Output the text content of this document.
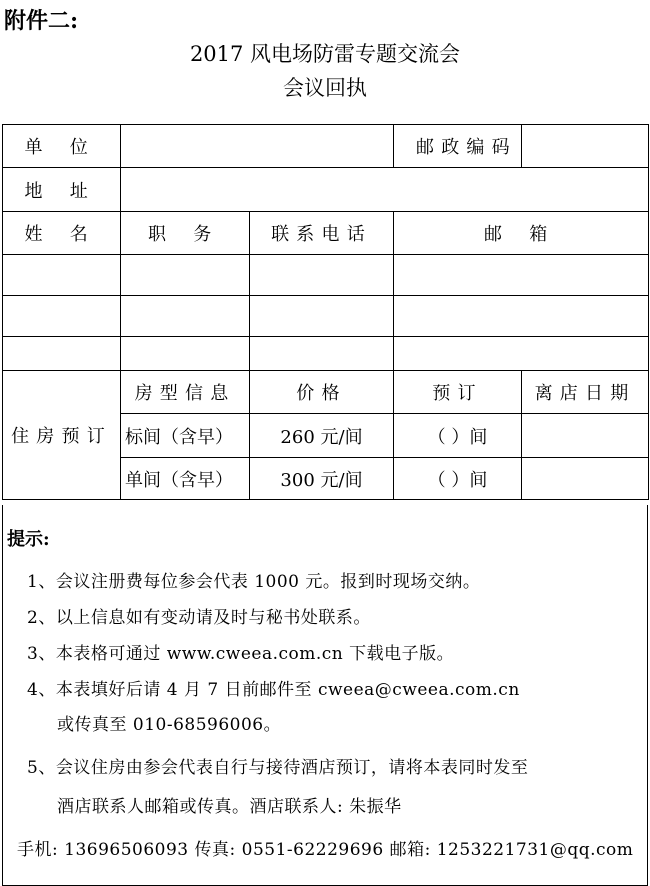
附件二:
2017 风电场防雷专题交流会
会议回执
单 位			邮政编码	
地 址				
姓 名	职 务	联系电话	邮 箱	

住房预订	房型信息	价格	预订	离店日期
	标间（含早）	260 元/间	（ ）间	
	单间（含早）	300 元/间	（ ）间	
提示:
1、会议注册费每位参会代表 1000 元。报到时现场交纳。
2、以上信息如有变动请及时与秘书处联系。
3、本表格可通过 www.cweea.com.cn 下载电子版。
4、本表填好后请 4 月 7 日前邮件至 cweea@cweea.com.cn
或传真至 010-68596006。
5、会议住房由参会代表自行与接待酒店预订，请将本表同时发至
酒店联系人邮箱或传真。酒店联系人: 朱振华
手机: 13696506093 传真: 0551-62229696 邮箱: 1253221731@qq.com
